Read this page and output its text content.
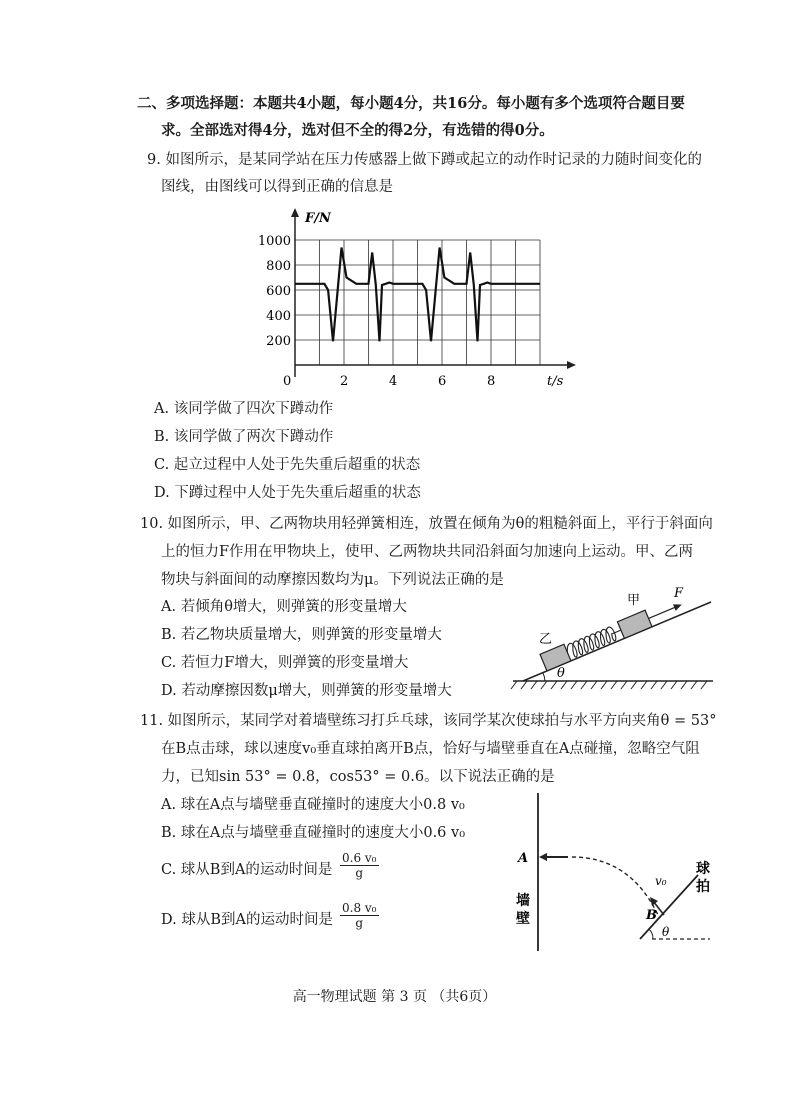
二、多项选择题：本题共4小题，每小题4分，共16分。每小题有多个选项符合题目要
求。全部选对得4分，选对但不全的得2分，有选错的得0分。
9. 如图所示，是某同学站在压力传感器上做下蹲或起立的动作时记录的力随时间变化的
图线，由图线可以得到正确的信息是
F/N
t/s
0	2	4	6	8
200
400
600
800
1000
A. 该同学做了四次下蹲动作
B. 该同学做了两次下蹲动作
C. 起立过程中人处于先失重后超重的状态
D. 下蹲过程中人处于先失重后超重的状态
10. 如图所示，甲、乙两物块用轻弹簧相连，放置在倾角为θ的粗糙斜面上，平行于斜面向
上的恒力F作用在甲物块上，使甲、乙两物块共同沿斜面匀加速向上运动。甲、乙两
物块与斜面间的动摩擦因数均为μ。下列说法正确的是
A. 若倾角θ增大，则弹簧的形变量增大
B. 若乙物块质量增大，则弹簧的形变量增大
C. 若恒力F增大，则弹簧的形变量增大
D. 若动摩擦因数μ增大，则弹簧的形变量增大
θ
乙
甲	F
11. 如图所示，某同学对着墙壁练习打乒乓球，该同学某次使球拍与水平方向夹角θ = 53°
在B点击球，球以速度v₀垂直球拍离开B点，恰好与墙壁垂直在A点碰撞，忽略空气阻
力，已知sin 53° = 0.8，cos53° = 0.6。以下说法正确的是
A. 球在A点与墙壁垂直碰撞时的速度大小0.8 v₀
B. 球在A点与墙壁垂直碰撞时的速度大小0.6 v₀
C. 球从B到A的运动时间是 $\frac{\text{0.6 v₀}}{g}$
D. 球从B到A的运动时间是 $\frac{\text{0.8 v₀}}{g}$
A
θ
B
v₀
球拍
墙壁
高一物理试题 第 3 页 （共6页）
